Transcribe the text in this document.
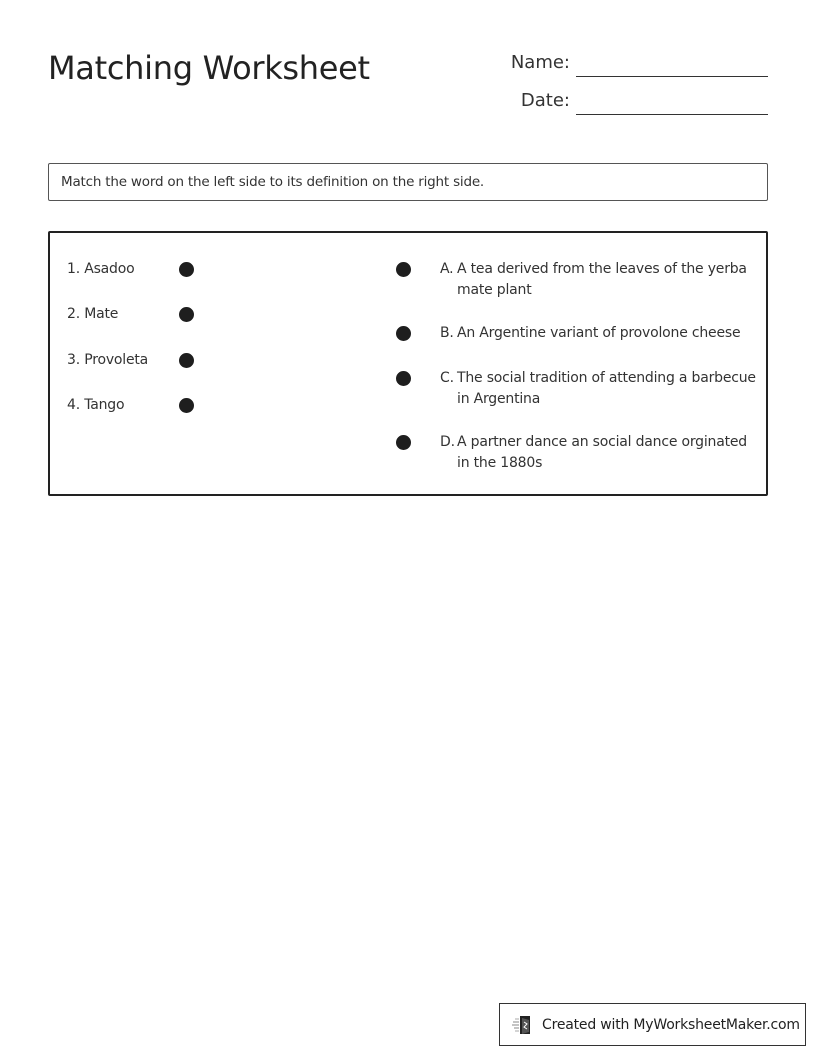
Matching Worksheet	Name:
Date:
Match the word on the left side to its definition on the right side.
1. Asadoo
2. Mate
3. Provoleta
4. Tango
A. A tea derived from the leaves of the yerba mate plant
B. An Argentine variant of provolone cheese
C. The social tradition of attending a barbecue in Argentina
D. A partner dance an social dance orginated in the 1880s
Created with MyWorksheetMaker.com
